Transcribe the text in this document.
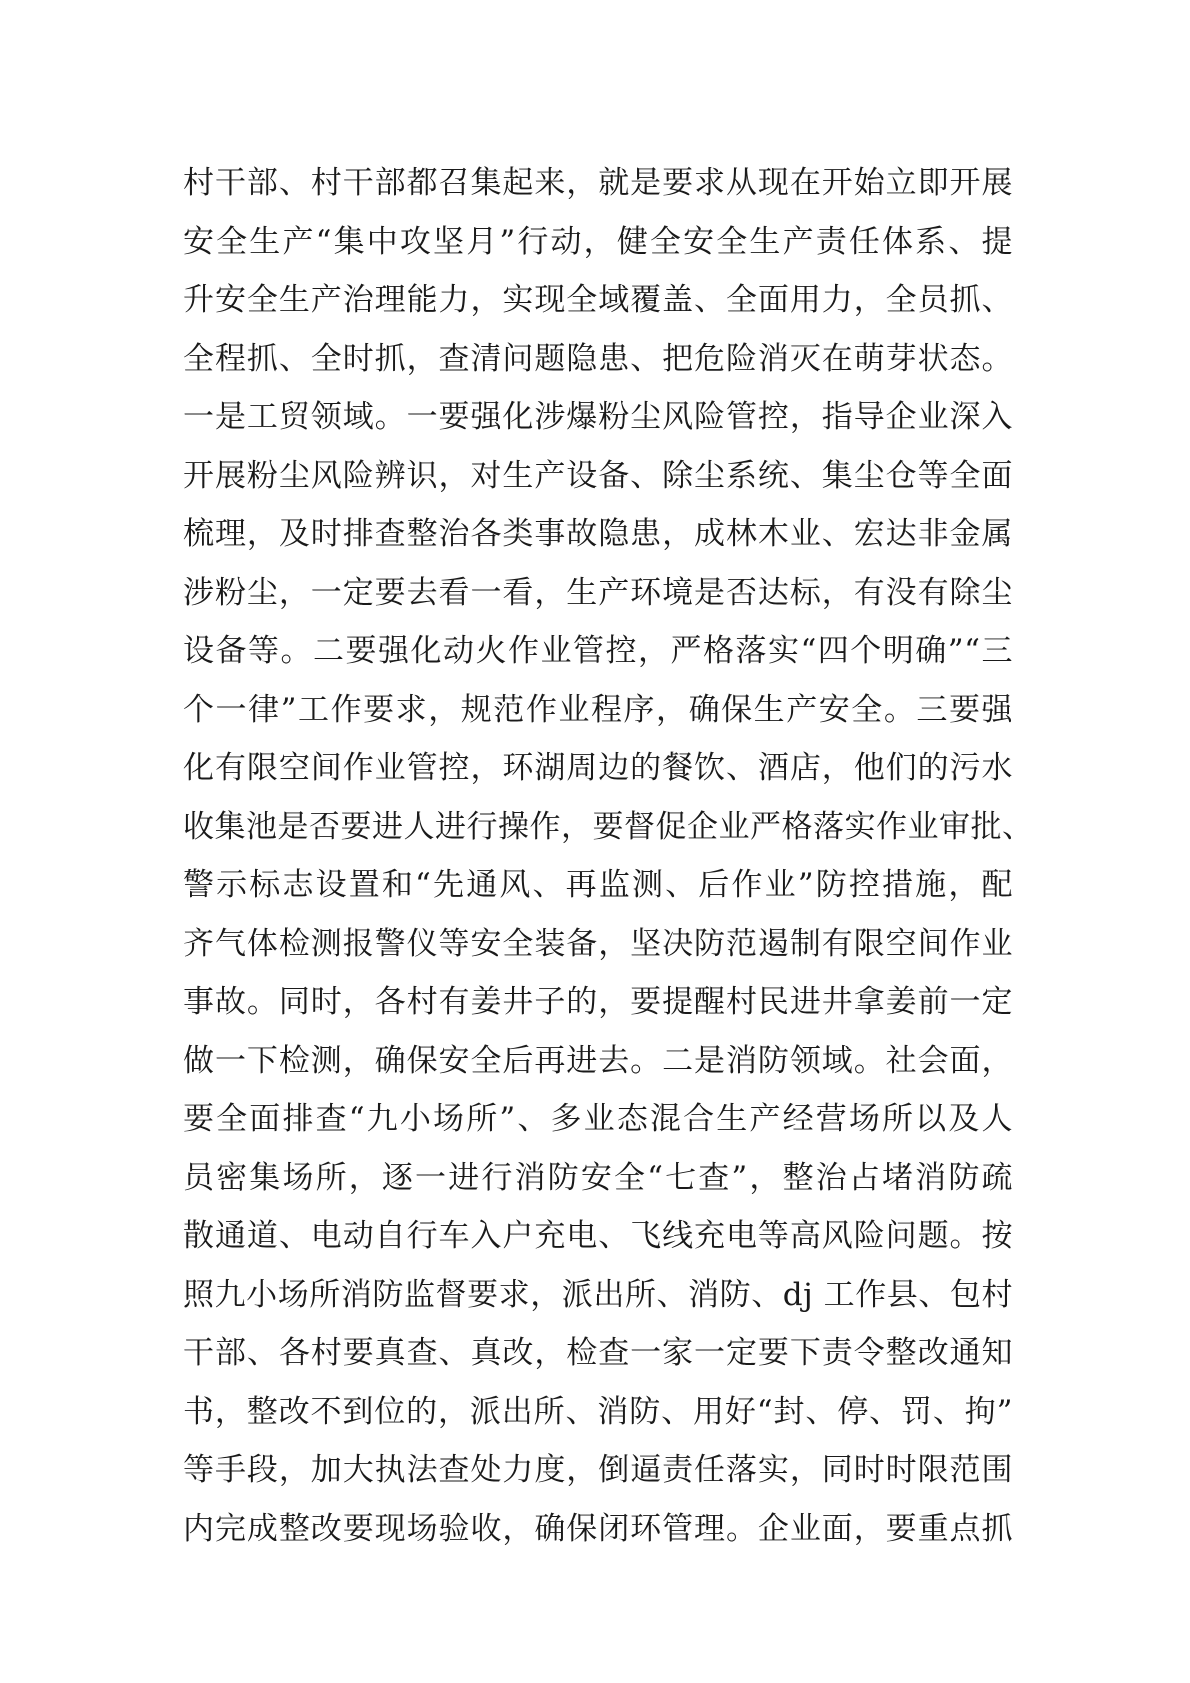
村干部、村干部都召集起来，就是要求从现在开始立即开展
安全生产“集中攻坚月”行动，健全安全生产责任体系、提
升安全生产治理能力，实现全域覆盖、全面用力，全员抓、
全程抓、全时抓，查清问题隐患、把危险消灭在萌芽状态。
一是工贸领域。一要强化涉爆粉尘风险管控，指导企业深入
开展粉尘风险辨识，对生产设备、除尘系统、集尘仓等全面
梳理，及时排查整治各类事故隐患，成林木业、宏达非金属
涉粉尘，一定要去看一看，生产环境是否达标，有没有除尘
设备等。二要强化动火作业管控，严格落实“四个明确”“三
个一律”工作要求，规范作业程序，确保生产安全。三要强
化有限空间作业管控，环湖周边的餐饮、酒店，他们的污水
收集池是否要进人进行操作，要督促企业严格落实作业审批、
警示标志设置和“先通风、再监测、后作业”防控措施，配
齐气体检测报警仪等安全装备，坚决防范遏制有限空间作业
事故。同时，各村有姜井子的，要提醒村民进井拿姜前一定
做一下检测，确保安全后再进去。二是消防领域。社会面，
要全面排查“九小场所”、多业态混合生产经营场所以及人
员密集场所，逐一进行消防安全“七查”，整治占堵消防疏
散通道、电动自行车入户充电、飞线充电等高风险问题。按
照九小场所消防监督要求，派出所、消防、dj 工作县、包村
干部、各村要真查、真改，检查一家一定要下责令整改通知
书，整改不到位的，派出所、消防、用好“封、停、罚、拘”
等手段，加大执法查处力度，倒逼责任落实，同时时限范围
内完成整改要现场验收，确保闭环管理。企业面，要重点抓
